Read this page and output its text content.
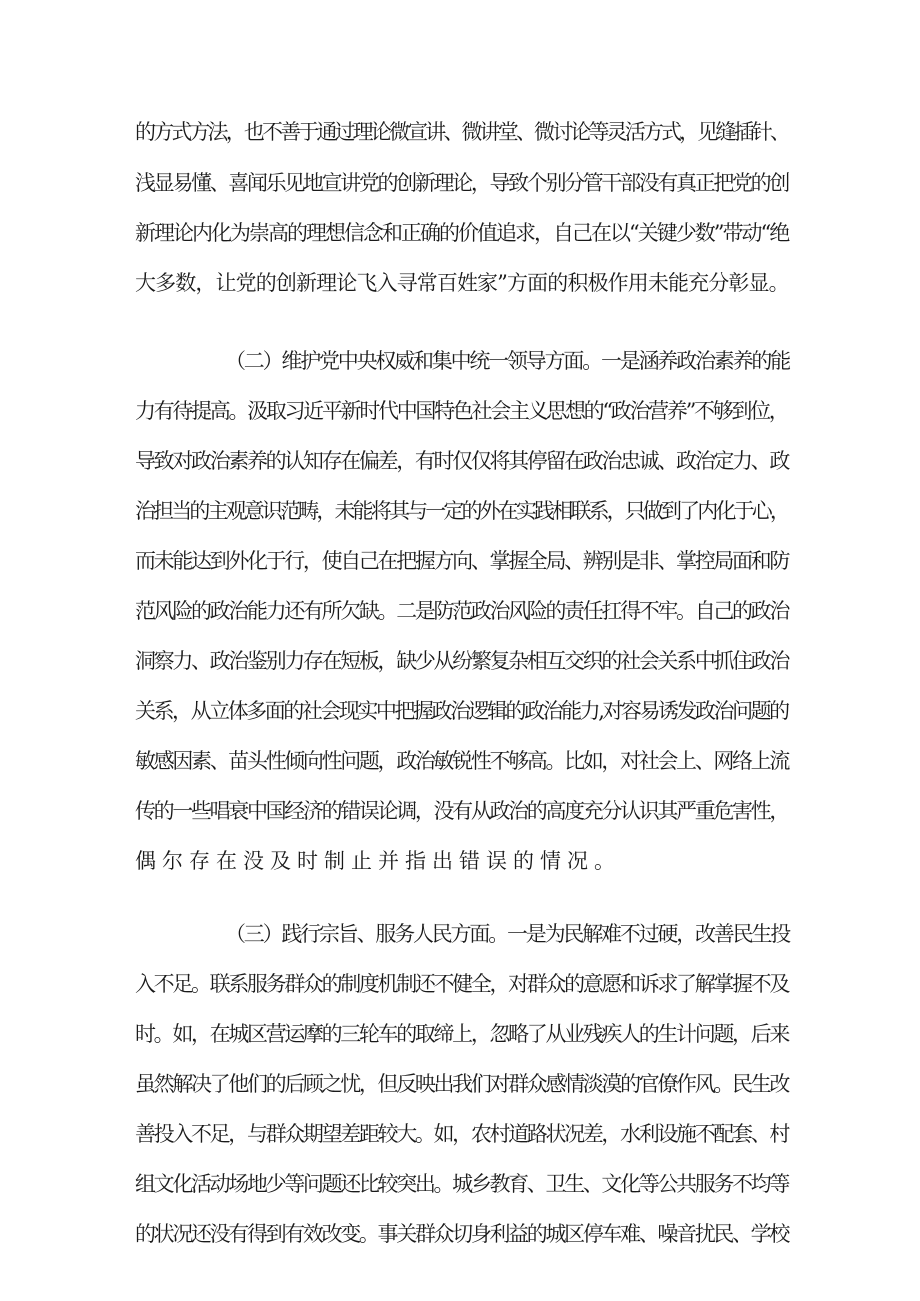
的方式方法，也不善于通过理论微宣讲、微讲堂、微讨论等灵活方式，见缝插针、
浅显易懂、喜闻乐见地宣讲党的创新理论，导致个别分管干部没有真正把党的创
新理论内化为崇高的理想信念和正确的价值追求，自己在以“关键少数”带动“绝
大多数，让党的创新理论飞入寻常百姓家”方面的积极作用未能充分彰显。
（二）维护党中央权威和集中统一领导方面。一是涵养政治素养的能
力有待提高。汲取习近平新时代中国特色社会主义思想的“政治营养”不够到位，
导致对政治素养的认知存在偏差，有时仅仅将其停留在政治忠诚、政治定力、政
治担当的主观意识范畴，未能将其与一定的外在实践相联系，只做到了内化于心，
而未能达到外化于行，使自己在把握方向、掌握全局、辨别是非、掌控局面和防
范风险的政治能力还有所欠缺。二是防范政治风险的责任扛得不牢。自己的政治
洞察力、政治鉴别力存在短板，缺少从纷繁复杂相互交织的社会关系中抓住政治
关系，从立体多面的社会现实中把握政治逻辑的政治能力,对容易诱发政治问题的
敏感因素、苗头性倾向性问题，政治敏锐性不够高。比如，对社会上、网络上流
传的一些唱衰中国经济的错误论调，没有从政治的高度充分认识其严重危害性，
偶尔存在没及时制止并指出错误的情况。
（三）践行宗旨、服务人民方面。一是为民解难不过硬，改善民生投
入不足。联系服务群众的制度机制还不健全，对群众的意愿和诉求了解掌握不及
时。如，在城区营运摩的三轮车的取缔上，忽略了从业残疾人的生计问题，后来
虽然解决了他们的后顾之忧，但反映出我们对群众感情淡漠的官僚作风。民生改
善投入不足，与群众期望差距较大。如，农村道路状况差，水利设施不配套、村
组文化活动场地少等问题还比较突出。城乡教育、卫生、文化等公共服务不均等
的状况还没有得到有效改变。事关群众切身利益的城区停车难、噪音扰民、学校
